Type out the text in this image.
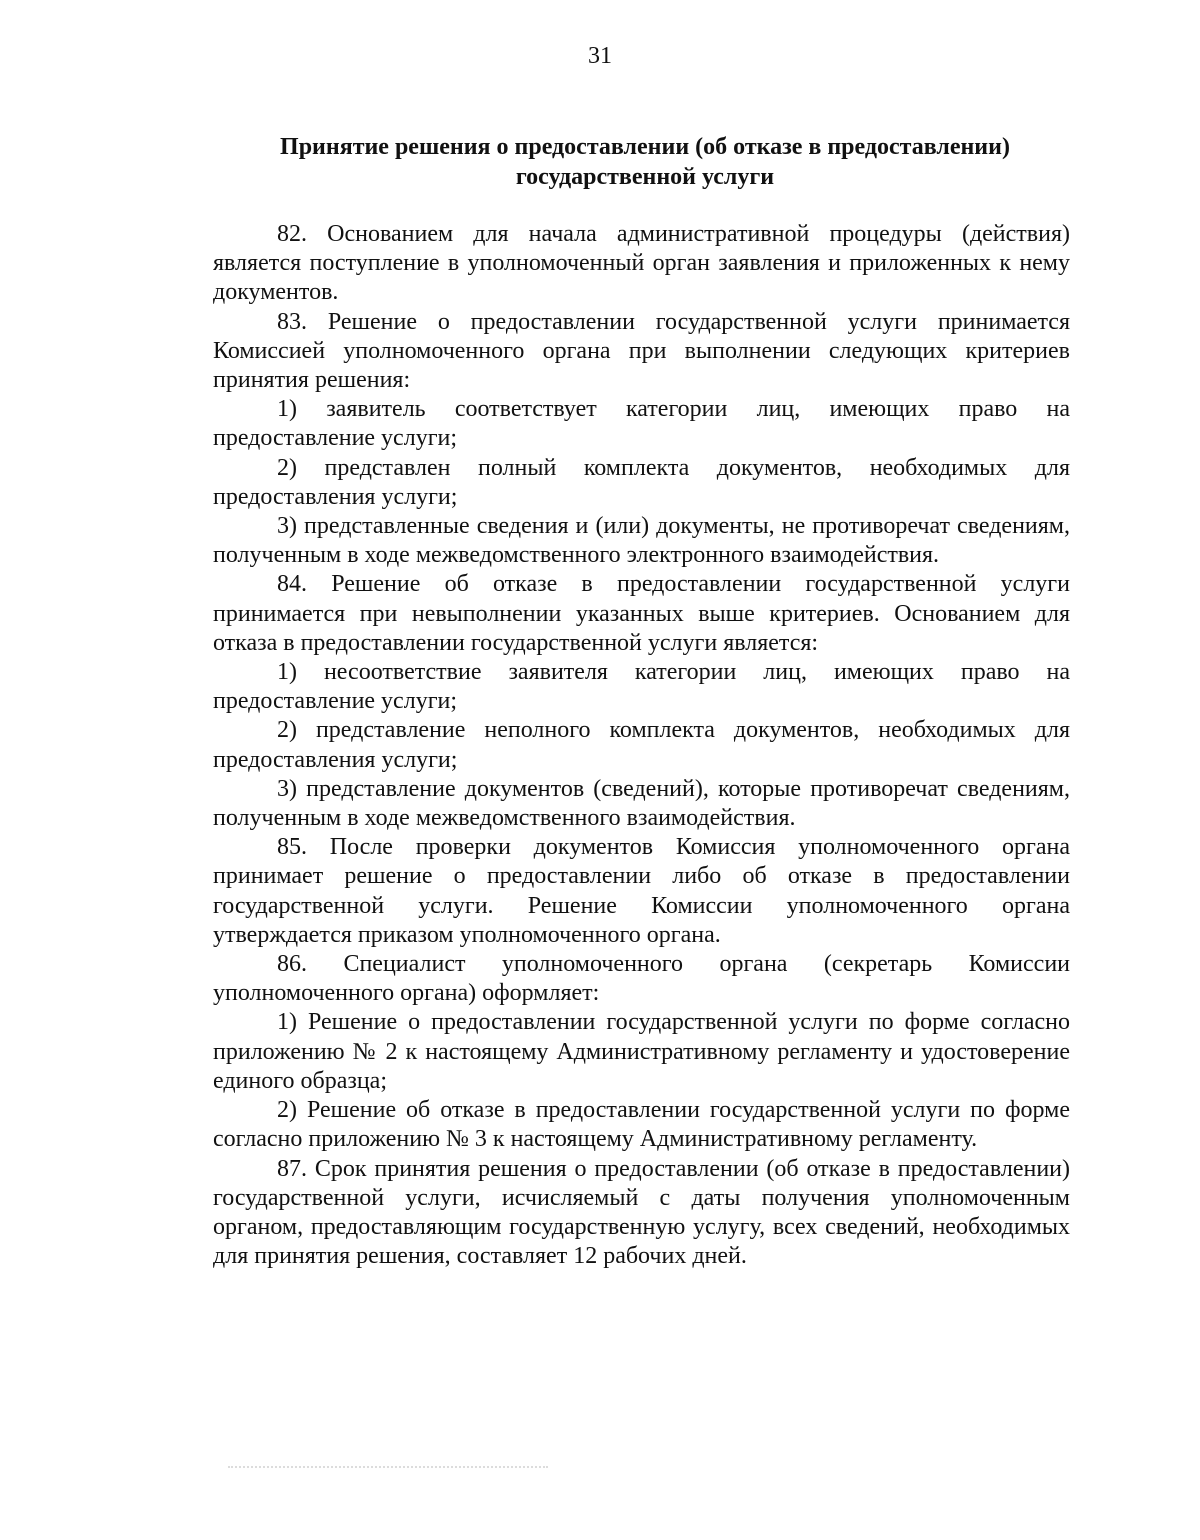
31
Принятие решения о предоставлении (об отказе в предоставлении)
государственной услуги

82. Основанием для начала административной процедуры (действия) является поступление в уполномоченный орган заявления и приложенных к нему документов.

83. Решение о предоставлении государственной услуги принимается Комиссией уполномоченного органа при выполнении следующих критериев принятия решения:

1) заявитель соответствует категории лиц, имеющих право на предоставление услуги;

2) представлен полный комплекта документов, необходимых для предоставления услуги;

3) представленные сведения и (или) документы, не противоречат сведениям, полученным в ходе межведомственного электронного взаимодействия.

84. Решение об отказе в предоставлении государственной услуги принимается при невыполнении указанных выше критериев. Основанием для отказа в предоставлении государственной услуги является:

1) несоответствие заявителя категории лиц, имеющих право на предоставление услуги;

2) представление неполного комплекта документов, необходимых для предоставления услуги;

3) представление документов (сведений), которые противоречат сведениям, полученным в ходе межведомственного взаимодействия.

85. После проверки документов Комиссия уполномоченного органа принимает решение о предоставлении либо об отказе в предоставлении государственной услуги. Решение Комиссии уполномоченного органа утверждается приказом уполномоченного органа.

86. Специалист уполномоченного органа (секретарь Комиссии уполномоченного органа) оформляет:

1) Решение о предоставлении государственной услуги по форме согласно приложению № 2 к настоящему Административному регламенту и удостоверение единого образца;

2) Решение об отказе в предоставлении государственной услуги по форме согласно приложению № 3 к настоящему Административному регламенту.

87. Срок принятия решения о предоставлении (об отказе в предоставлении) государственной услуги, исчисляемый с даты получения уполномоченным органом, предоставляющим государственную услугу, всех сведений, необходимых для принятия решения, составляет 12 рабочих дней.
